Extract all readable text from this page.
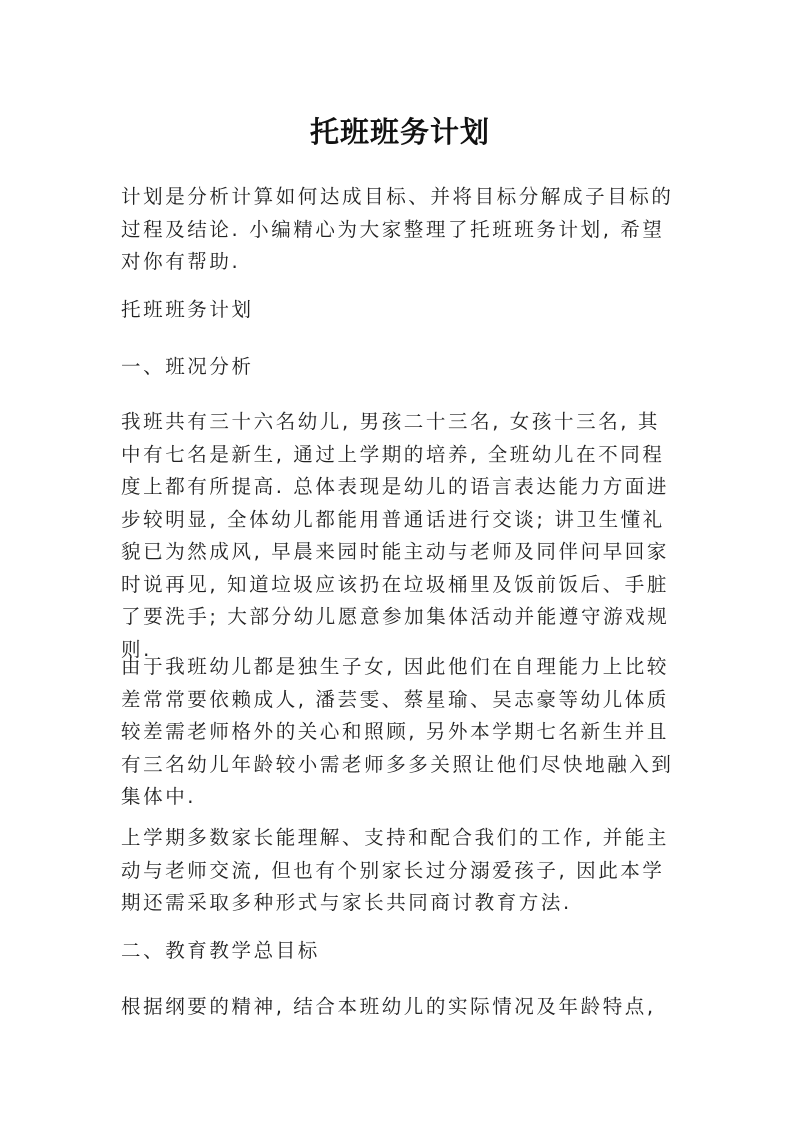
托班班务计划

计划是分析计算如何达成目标、并将目标分解成子目标的
过程及结论. 小编精心为大家整理了托班班务计划, 希望
对你有帮助.

托班班务计划

一、班况分析

我班共有三十六名幼儿, 男孩二十三名, 女孩十三名, 其
中有七名是新生, 通过上学期的培养, 全班幼儿在不同程
度上都有所提高. 总体表现是幼儿的语言表达能力方面进
步较明显, 全体幼儿都能用普通话进行交谈; 讲卫生懂礼
貌已为然成风, 早晨来园时能主动与老师及同伴问早回家
时说再见, 知道垃圾应该扔在垃圾桶里及饭前饭后、手脏
了要洗手; 大部分幼儿愿意参加集体活动并能遵守游戏规
则.

由于我班幼儿都是独生子女, 因此他们在自理能力上比较
差常常要依赖成人, 潘芸雯、蔡星瑜、吴志豪等幼儿体质
较差需老师格外的关心和照顾, 另外本学期七名新生并且
有三名幼儿年龄较小需老师多多关照让他们尽快地融入到
集体中.

上学期多数家长能理解、支持和配合我们的工作, 并能主
动与老师交流, 但也有个别家长过分溺爱孩子, 因此本学
期还需采取多种形式与家长共同商讨教育方法.

二、教育教学总目标

根据纲要的精神, 结合本班幼儿的实际情况及年龄特点,
